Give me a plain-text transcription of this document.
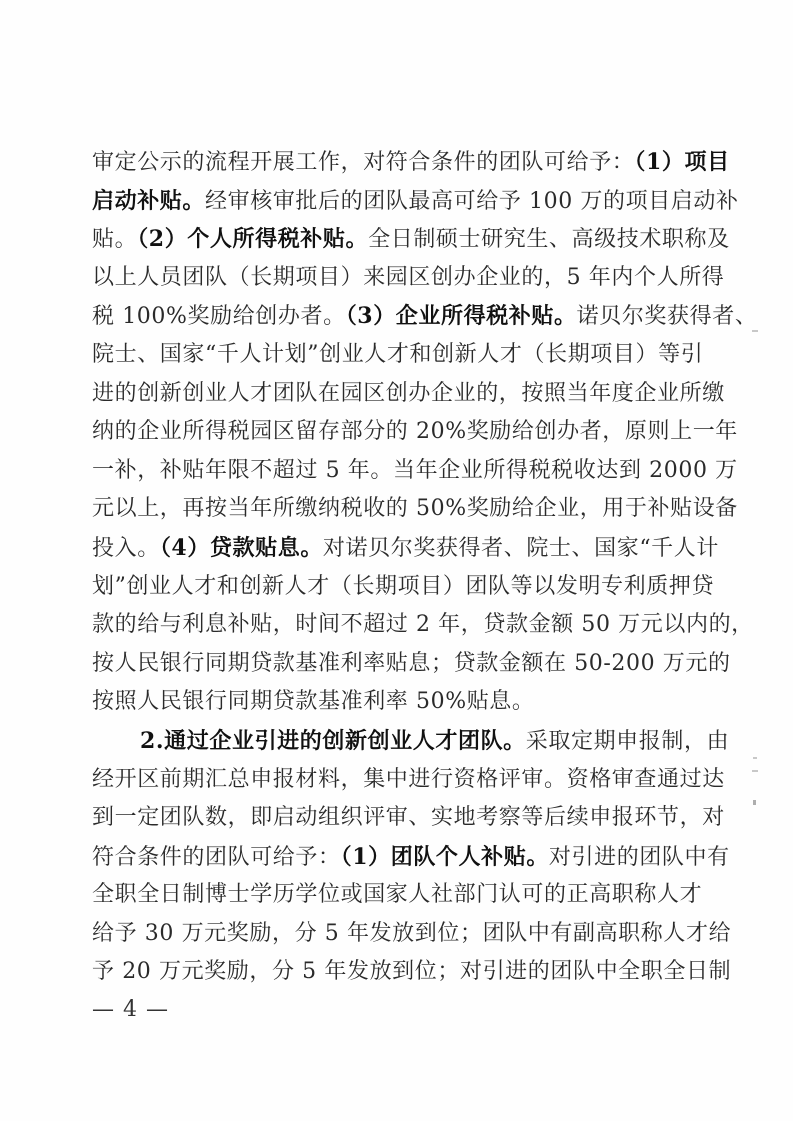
审定公示的流程开展工作，对符合条件的团队可给予：（1）项目
启动补贴。经审核审批后的团队最高可给予 100 万的项目启动补
贴。（2）个人所得税补贴。全日制硕士研究生、高级技术职称及
以上人员团队（长期项目）来园区创办企业的，5 年内个人所得
税 100%奖励给创办者。（3）企业所得税补贴。诺贝尔奖获得者、
院士、国家“千人计划”创业人才和创新人才（长期项目）等引
进的创新创业人才团队在园区创办企业的，按照当年度企业所缴
纳的企业所得税园区留存部分的 20%奖励给创办者，原则上一年
一补，补贴年限不超过 5 年。当年企业所得税税收达到 2000 万
元以上，再按当年所缴纳税收的 50%奖励给企业，用于补贴设备
投入。（4）贷款贴息。对诺贝尔奖获得者、院士、国家“千人计
划”创业人才和创新人才（长期项目）团队等以发明专利质押贷
款的给与利息补贴，时间不超过 2 年，贷款金额 50 万元以内的，
按人民银行同期贷款基准利率贴息；贷款金额在 50-200 万元的
按照人民银行同期贷款基准利率 50%贴息。
2.通过企业引进的创新创业人才团队。采取定期申报制，由
经开区前期汇总申报材料，集中进行资格评审。资格审查通过达
到一定团队数，即启动组织评审、实地考察等后续申报环节，对
符合条件的团队可给予：（1）团队个人补贴。对引进的团队中有
全职全日制博士学历学位或国家人社部门认可的正高职称人才
给予 30 万元奖励，分 5 年发放到位；团队中有副高职称人才给
予 20 万元奖励，分 5 年发放到位；对引进的团队中全职全日制
— 4 —
